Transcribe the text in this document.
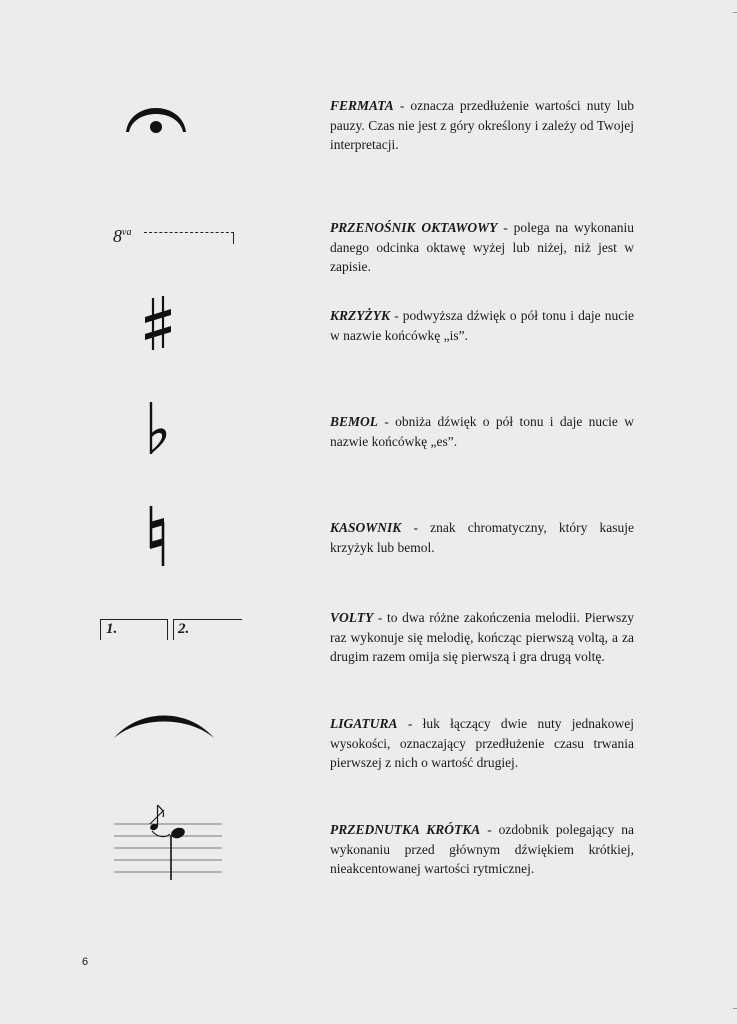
FERMATA - oznacza przedłużenie wartości nuty lub pauzy. Czas nie jest z góry określony i zależy od Twojej interpretacji.
$8^{va}$	PRZENOŚNIK OKTAWOWY - polega na wykonaniu danego odcinka oktawę wyżej lub niżej, niż jest w zapisie.
KRZYŻYK - podwyższa dźwięk o pół tonu i daje nucie w nazwie końcówkę „is”.
BEMOL - obniża dźwięk o pół tonu i daje nucie w nazwie końcówkę „es”.
KASOWNIK - znak chromatyczny, który kasuje krzyżyk lub bemol.
1.	2.
VOLTY - to dwa różne zakończenia melodii. Pierwszy raz wykonuje się melodię, kończąc pierwszą voltą, a za drugim razem omija się pierwszą i gra drugą voltę.
LIGATURA - łuk łączący dwie nuty jednakowej wysokości, oznaczający przedłużenie czasu trwania pierwszej z nich o wartość drugiej.
PRZEDNUTKA KRÓTKA - ozdobnik polegający na wykonaniu przed głównym dźwiękiem krótkiej, nieakcentowanej wartości rytmicznej.
6
